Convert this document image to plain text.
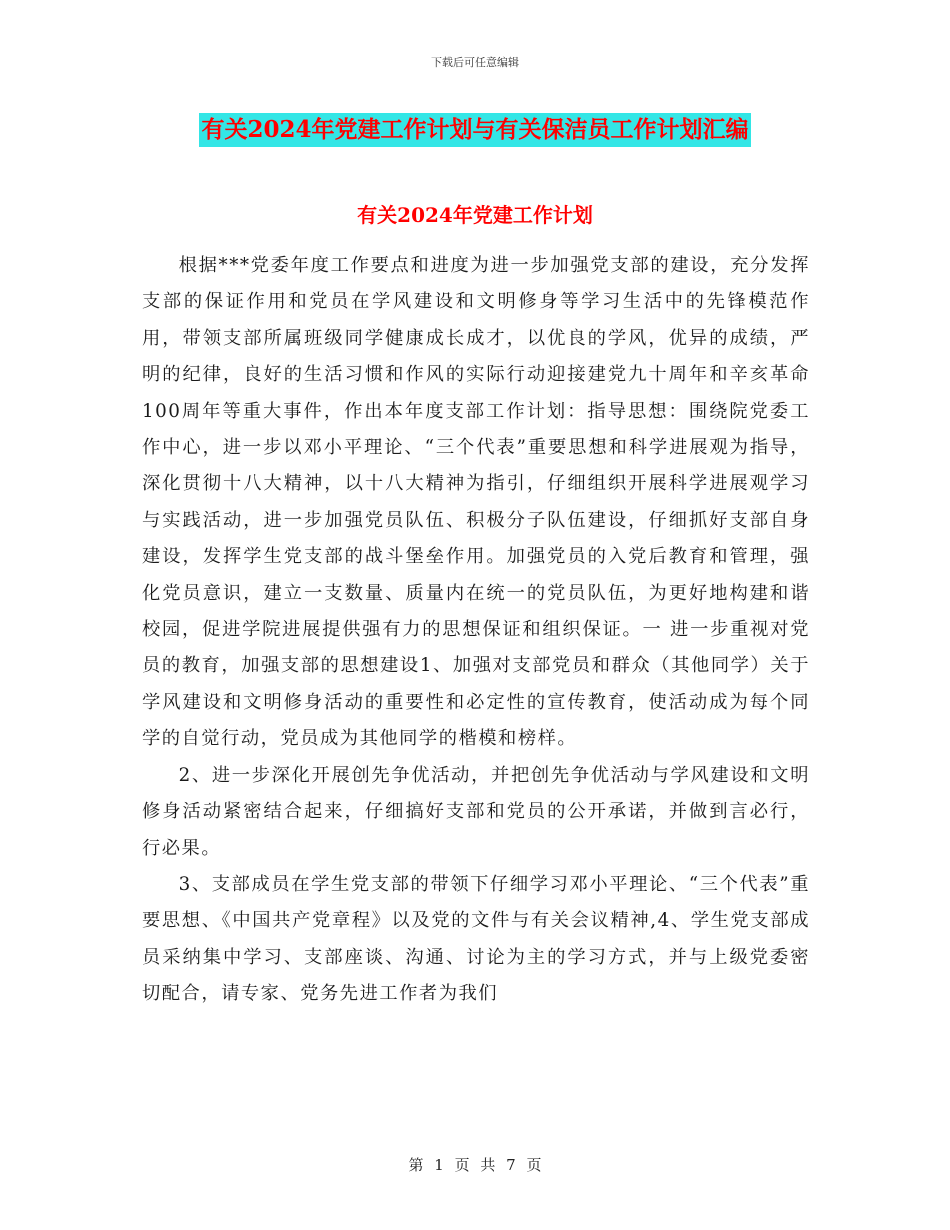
下载后可任意编辑
有关2024年党建工作计划与有关保洁员工作计划汇编
有关2024年党建工作计划

根据***党委年度工作要点和进度为进一步加强党支部的建设，充分发挥支部的保证作用和党员在学风建设和文明修身等学习生活中的先锋模范作用，带领支部所属班级同学健康成长成才，以优良的学风，优异的成绩，严明的纪律，良好的生活习惯和作风的实际行动迎接建党九十周年和辛亥革命100周年等重大事件，作出本年度支部工作计划：指导思想：围绕院党委工作中心，进一步以邓小平理论、“三个代表”重要思想和科学进展观为指导，深化贯彻十八大精神，以十八大精神为指引，仔细组织开展科学进展观学习与实践活动，进一步加强党员队伍、积极分子队伍建设，仔细抓好支部自身建设，发挥学生党支部的战斗堡垒作用。加强党员的入党后教育和管理，强化党员意识，建立一支数量、质量内在统一的党员队伍，为更好地构建和谐校园，促进学院进展提供强有力的思想保证和组织保证。一 进一步重视对党员的教育，加强支部的思想建设1、加强对支部党员和群众（其他同学）关于学风建设和文明修身活动的重要性和必定性的宣传教育，使活动成为每个同学的自觉行动，党员成为其他同学的楷模和榜样。

2、进一步深化开展创先争优活动，并把创先争优活动与学风建设和文明修身活动紧密结合起来，仔细搞好支部和党员的公开承诺，并做到言必行，行必果。

3、支部成员在学生党支部的带领下仔细学习邓小平理论、“三个代表”重要思想、《中国共产党章程》以及党的文件与有关会议精神,4、学生党支部成员采纳集中学习、支部座谈、沟通、讨论为主的学习方式，并与上级党委密切配合，请专家、党务先进工作者为我们

第 1 页 共 7 页
